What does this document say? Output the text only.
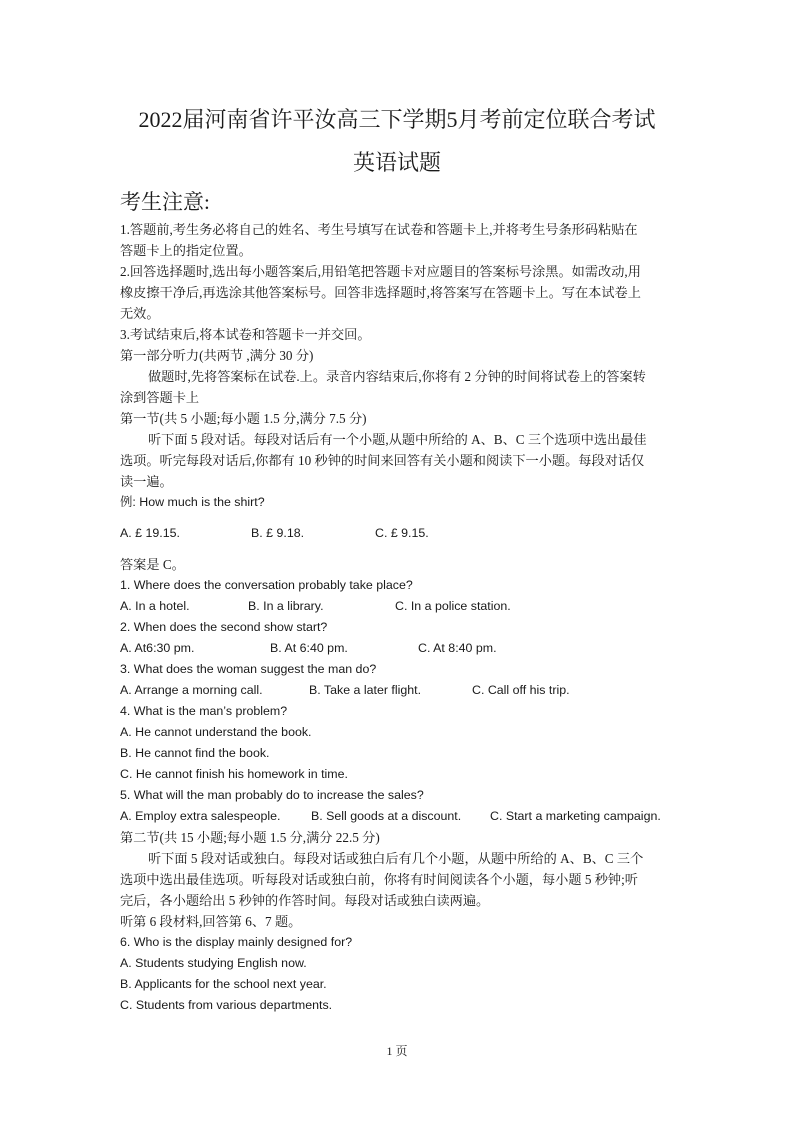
2022届河南省许平汝高三下学期5月考前定位联合考试
英语试题
考生注意:
1.答题前,考生务必将自己的姓名、考生号填写在试卷和答题卡上,并将考生号条形码粘贴在
答题卡上的指定位置。
2.回答选择题时,选出每小题答案后,用铅笔把答题卡对应题目的答案标号涂黑。如需改动,用
橡皮擦干净后,再选涂其他答案标号。回答非选择题时,将答案写在答题卡上。写在本试卷上
无效。
3.考试结束后,将本试卷和答题卡一并交回。
第一部分听力(共两节 ,满分 30 分)
做题时,先将答案标在试卷.上。录音内容结束后,你将有 2 分钟的时间将试卷上的答案转
涂到答题卡上
第一节(共 5 小题;每小题 1.5 分,满分 7.5 分)
听下面 5 段对话。每段对话后有一个小题,从题中所给的 A、B、C 三个选项中选出最佳
选项。听完每段对话后,你都有 10 秒钟的时间来回答有关小题和阅读下一小题。每段对话仅
读一遍。
例: How much is the shirt?
A. £ 19.15.	B. £ 9.18.	C. £ 9.15.
答案是 C。
1. Where does the conversation probably take place?
A. In a hotel.	B. In a library.	C. In a police station.
2. When does the second show start?
A. At6:30 pm.	B. At 6:40 pm.	C. At 8:40 pm.
3. What does the woman suggest the man do?
A. Arrange a morning call.	B. Take a later flight.	C. Call off his trip.
4. What is the man’s problem?
A. He cannot understand the book.
B. He cannot find the book.
C. He cannot finish his homework in time.
5. What will the man probably do to increase the sales?
A. Employ extra salespeople. B. Sell goods at a discount. C. Start a marketing campaign.
第二节(共 15 小题;每小题 1.5 分,满分 22.5 分)
听下面 5 段对话或独白。每段对话或独白后有几个小题，从题中所给的 A、B、C 三个
选项中选出最佳选项。听每段对话或独白前，你将有时间阅读各个小题，每小题 5 秒钟;听
完后，各小题给出 5 秒钟的作答时间。每段对话或独白读两遍。
听第 6 段材料,回答第 6、7 题。
6. Who is the display mainly designed for?
A. Students studying English now.
B. Applicants for the school next year.
C. Students from various departments.
1 页
